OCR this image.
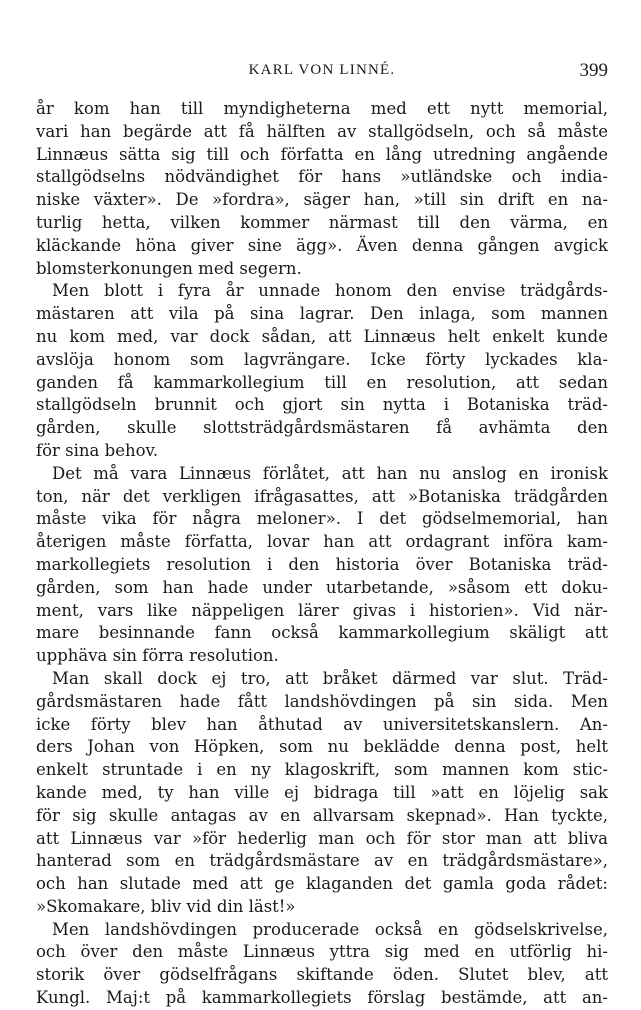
KARL VON LINNÉ.	399
år kom han till myndigheterna med ett nytt memorial,
vari han begärde att få hälften av stallgödseln, och så måste
Linnæus sätta sig till och författa en lång utredning angående
stallgödselns nödvändighet för hans »utländske och india-
niske växter». De »fordra», säger han, »till sin drift en na-
turlig hetta, vilken kommer närmast till den värma, en
kläckande höna giver sine ägg». Även denna gången avgick
blomsterkonungen med segern.
Men blott i fyra år unnade honom den envise trädgårds-
mästaren att vila på sina lagrar. Den inlaga, som mannen
nu kom med, var dock sådan, att Linnæus helt enkelt kunde
avslöja honom som lagvrängare. Icke förty lyckades kla-
ganden få kammarkollegium till en resolution, att sedan
stallgödseln brunnit och gjort sin nytta i Botaniska träd-
gården, skulle slottsträdgårdsmästaren få avhämta den
för sina behov.
Det må vara Linnæus förlåtet, att han nu anslog en ironisk
ton, när det verkligen ifrågasattes, att »Botaniska trädgården
måste vika för några meloner». I det gödselmemorial, han
återigen måste författa, lovar han att ordagrant införa kam-
markollegiets resolution i den historia över Botaniska träd-
gården, som han hade under utarbetande, »såsom ett doku-
ment, vars like näppeligen lärer givas i historien». Vid när-
mare besinnande fann också kammarkollegium skäligt att
upphäva sin förra resolution.
Man skall dock ej tro, att bråket därmed var slut. Träd-
gårdsmästaren hade fått landshövdingen på sin sida. Men
icke förty blev han åthutad av universitetskanslern. An-
ders Johan von Höpken, som nu beklädde denna post, helt
enkelt struntade i en ny klagoskrift, som mannen kom stic-
kande med, ty han ville ej bidraga till »att en löjelig sak
för sig skulle antagas av en allvarsam skepnad». Han tyckte,
att Linnæus var »för hederlig man och för stor man att bliva
hanterad som en trädgårdsmästare av en trädgårdsmästare»,
och han slutade med att ge klaganden det gamla goda rådet:
»Skomakare, bliv vid din läst!»
Men landshövdingen producerade också en gödselskrivelse,
och över den måste Linnæus yttra sig med en utförlig hi-
storik över gödselfrågans skiftande öden. Slutet blev, att
Kungl. Maj:t på kammarkollegiets förslag bestämde, att an-
